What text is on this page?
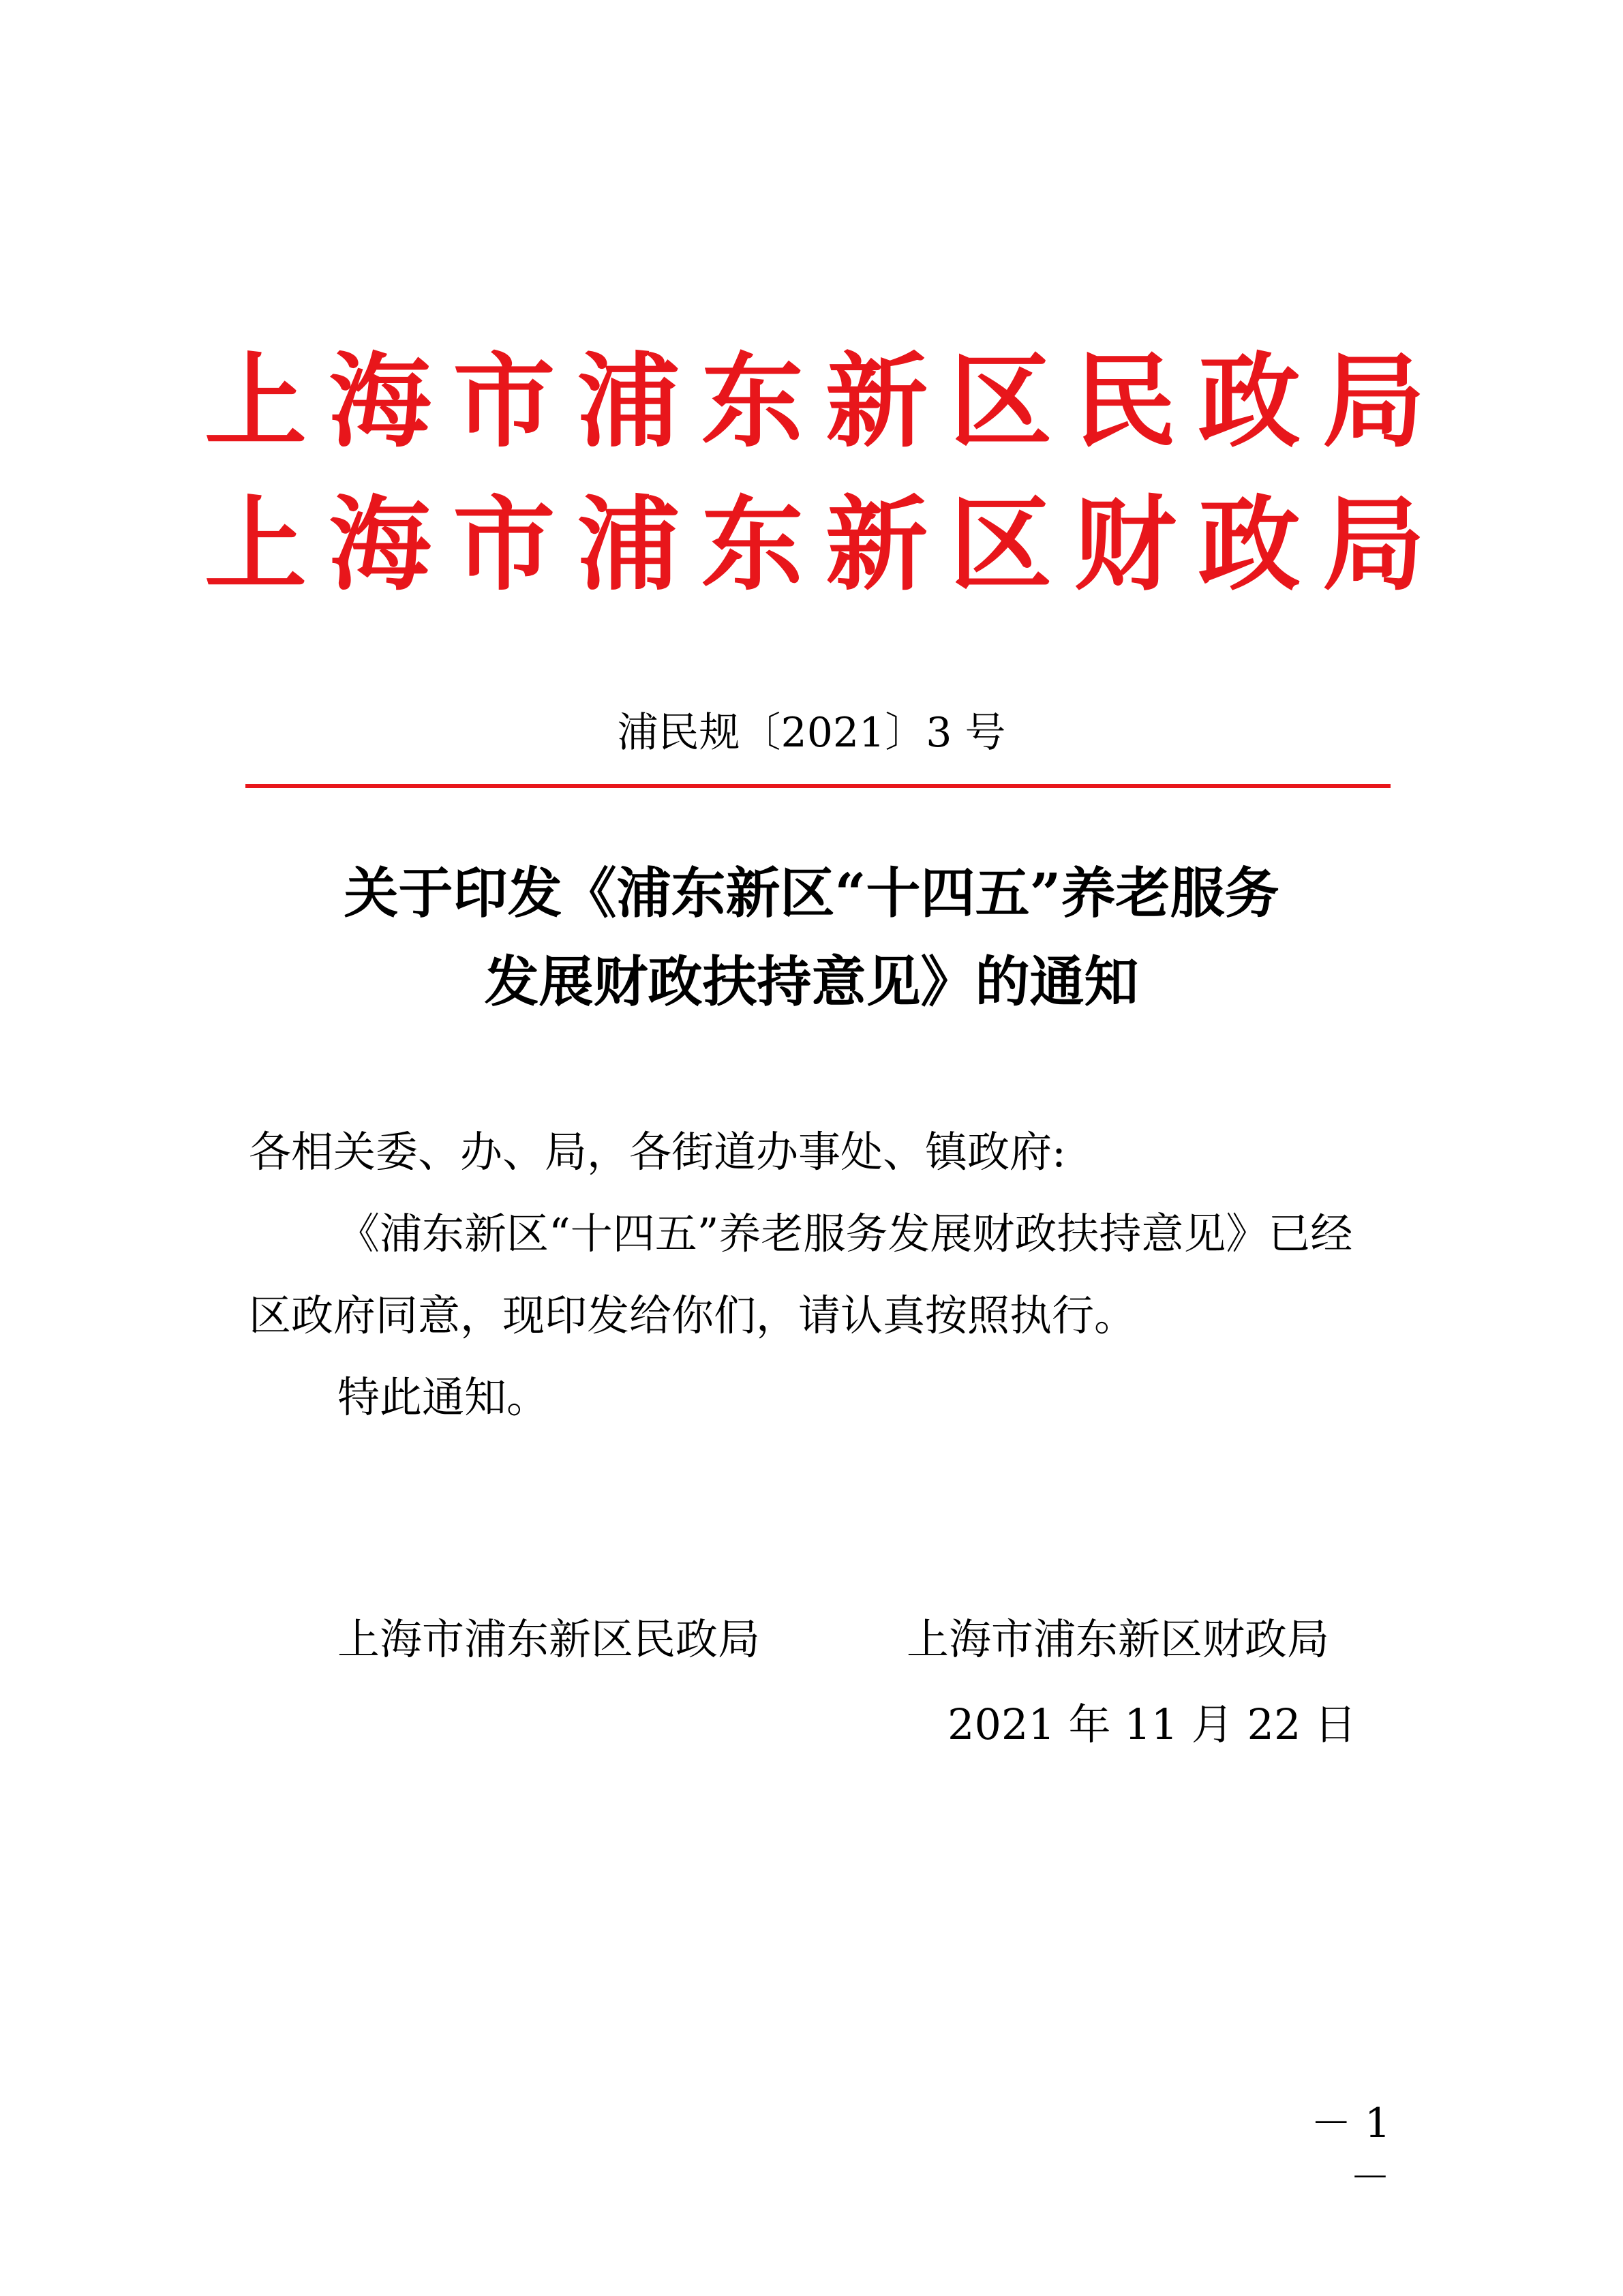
上 海 市 浦 东 新 区 民 政 局
上 海 市 浦 东 新 区 财 政 局
浦民规〔2021〕3 号
关于印发《浦东新区“十四五”养老服务
发展财政扶持意见》的通知
各相关委、办、局，各街道办事处、镇政府:
《浦东新区“十四五”养老服务发展财政扶持意见》已经
区政府同意，现印发给你们，请认真按照执行。
特此通知。
上海市浦东新区民政局	上海市浦东新区财政局
2021 年 11 月 22 日
－ 1 －
